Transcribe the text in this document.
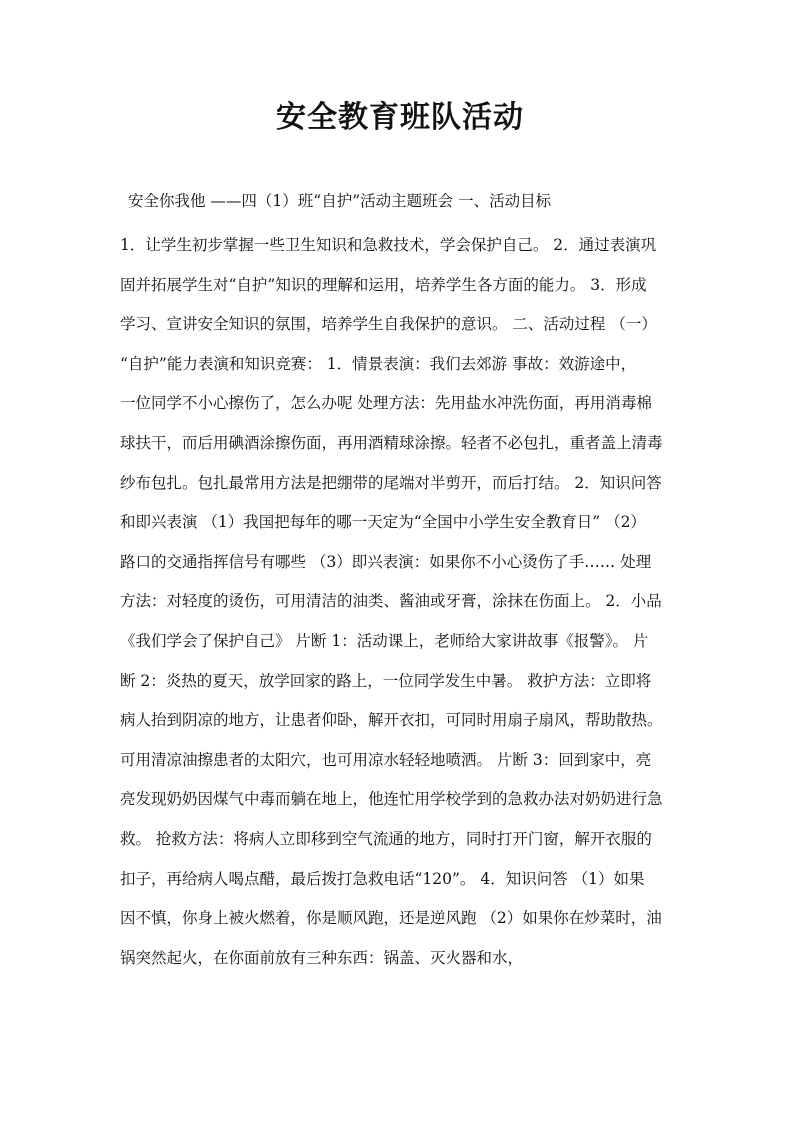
安全教育班队活动

安全你我他 ——四（1）班“自护”活动主题班会 一、活动目标

1．让学生初步掌握一些卫生知识和急救技术，学会保护自己。 2．通过表演巩
固并拓展学生对“自护”知识的理解和运用，培养学生各方面的能力。 3．形成
学习、宣讲安全知识的氛围，培养学生自我保护的意识。 二、活动过程 （一）
“自护”能力表演和知识竞赛： 1．情景表演：我们去郊游 事故：效游途中，
一位同学不小心擦伤了，怎么办呢 处理方法：先用盐水冲洗伤面，再用消毒棉
球扶干，而后用碘酒涂擦伤面，再用酒精球涂擦。轻者不必包扎，重者盖上清毒
纱布包扎。包扎最常用方法是把绷带的尾端对半剪开，而后打结。 2．知识问答
和即兴表演 （1）我国把每年的哪一天定为“全国中小学生安全教育日” （2）
路口的交通指挥信号有哪些 （3）即兴表演：如果你不小心烫伤了手…… 处理
方法：对轻度的烫伤，可用清洁的油类、酱油或牙膏，涂抹在伤面上。 2．小品
《我们学会了保护自己》 片断 1：活动课上，老师给大家讲故事《报警》。 片
断 2：炎热的夏天，放学回家的路上，一位同学发生中暑。 救护方法：立即将
病人抬到阴凉的地方，让患者仰卧，解开衣扣，可同时用扇子扇风，帮助散热。
可用清凉油擦患者的太阳穴，也可用凉水轻轻地喷洒。 片断 3：回到家中，亮
亮发现奶奶因煤气中毒而躺在地上，他连忙用学校学到的急救办法对奶奶进行急
救。 抢救方法：将病人立即移到空气流通的地方，同时打开门窗，解开衣服的
扣子，再给病人喝点醋，最后拨打急救电话“120”。 4．知识问答 （1）如果
因不慎，你身上被火燃着，你是顺风跑，还是逆风跑 （2）如果你在炒菜时，油
锅突然起火，在你面前放有三种东西：锅盖、灭火器和水，
